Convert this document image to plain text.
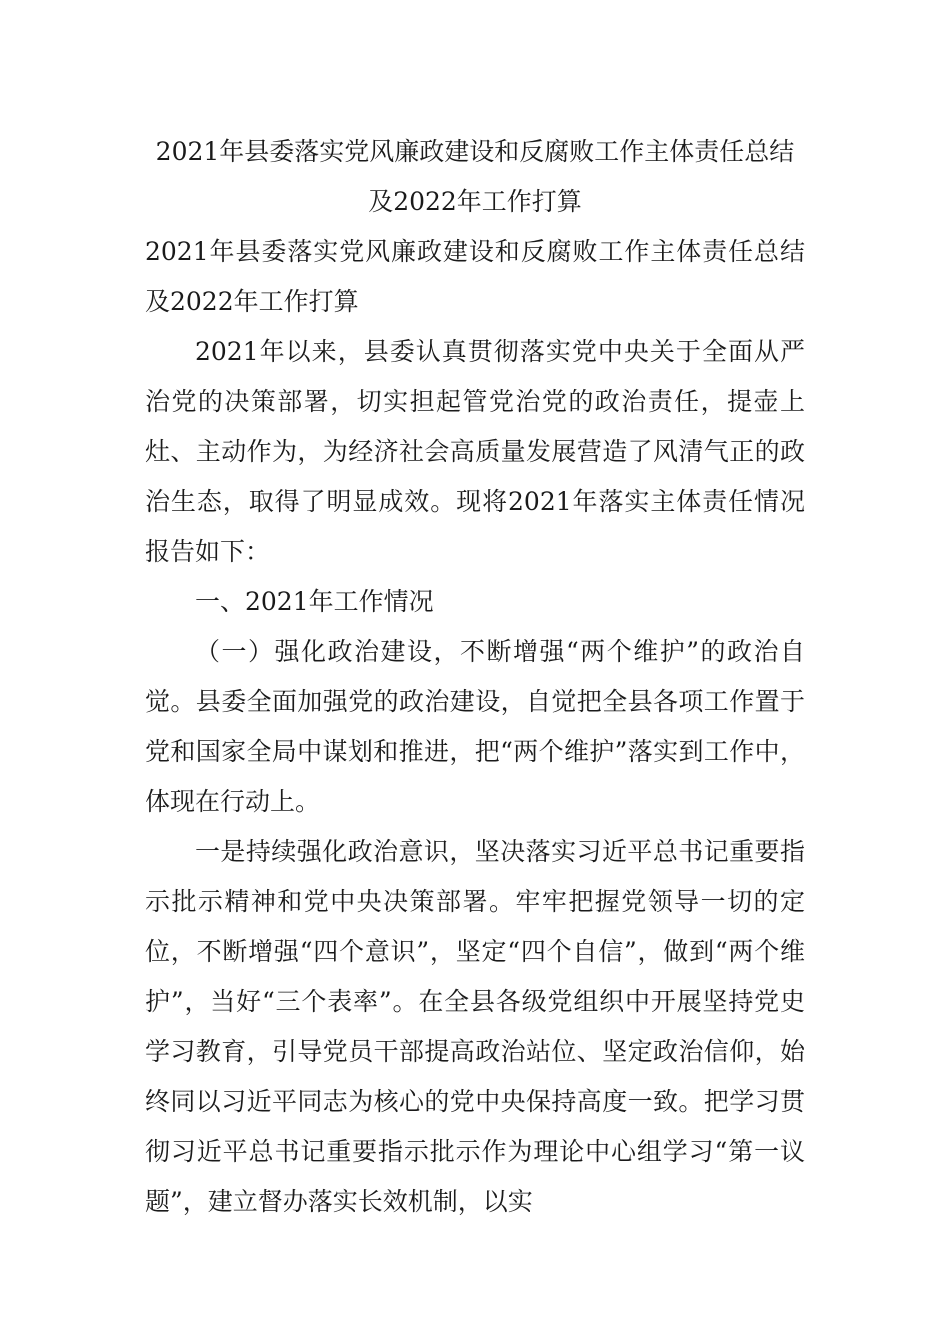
2021年县委落实党风廉政建设和反腐败工作主体责任总结及2022年工作打算

2021年县委落实党风廉政建设和反腐败工作主体责任总结及2022年工作打算

2021年以来，县委认真贯彻落实党中央关于全面从严治党的决策部署，切实担起管党治党的政治责任，提壶上灶、主动作为，为经济社会高质量发展营造了风清气正的政治生态，取得了明显成效。现将2021年落实主体责任情况报告如下：

一、2021年工作情况

（一）强化政治建设，不断增强“两个维护”的政治自觉。县委全面加强党的政治建设，自觉把全县各项工作置于党和国家全局中谋划和推进，把“两个维护”落实到工作中，体现在行动上。

一是持续强化政治意识，坚决落实习近平总书记重要指示批示精神和党中央决策部署。牢牢把握党领导一切的定位，不断增强“四个意识”，坚定“四个自信”，做到“两个维护”，当好“三个表率”。在全县各级党组织中开展坚持党史学习教育，引导党员干部提高政治站位、坚定政治信仰，始终同以习近平同志为核心的党中央保持高度一致。把学习贯彻习近平总书记重要指示批示作为理论中心组学习“第一议题”，建立督办落实长效机制，以实
